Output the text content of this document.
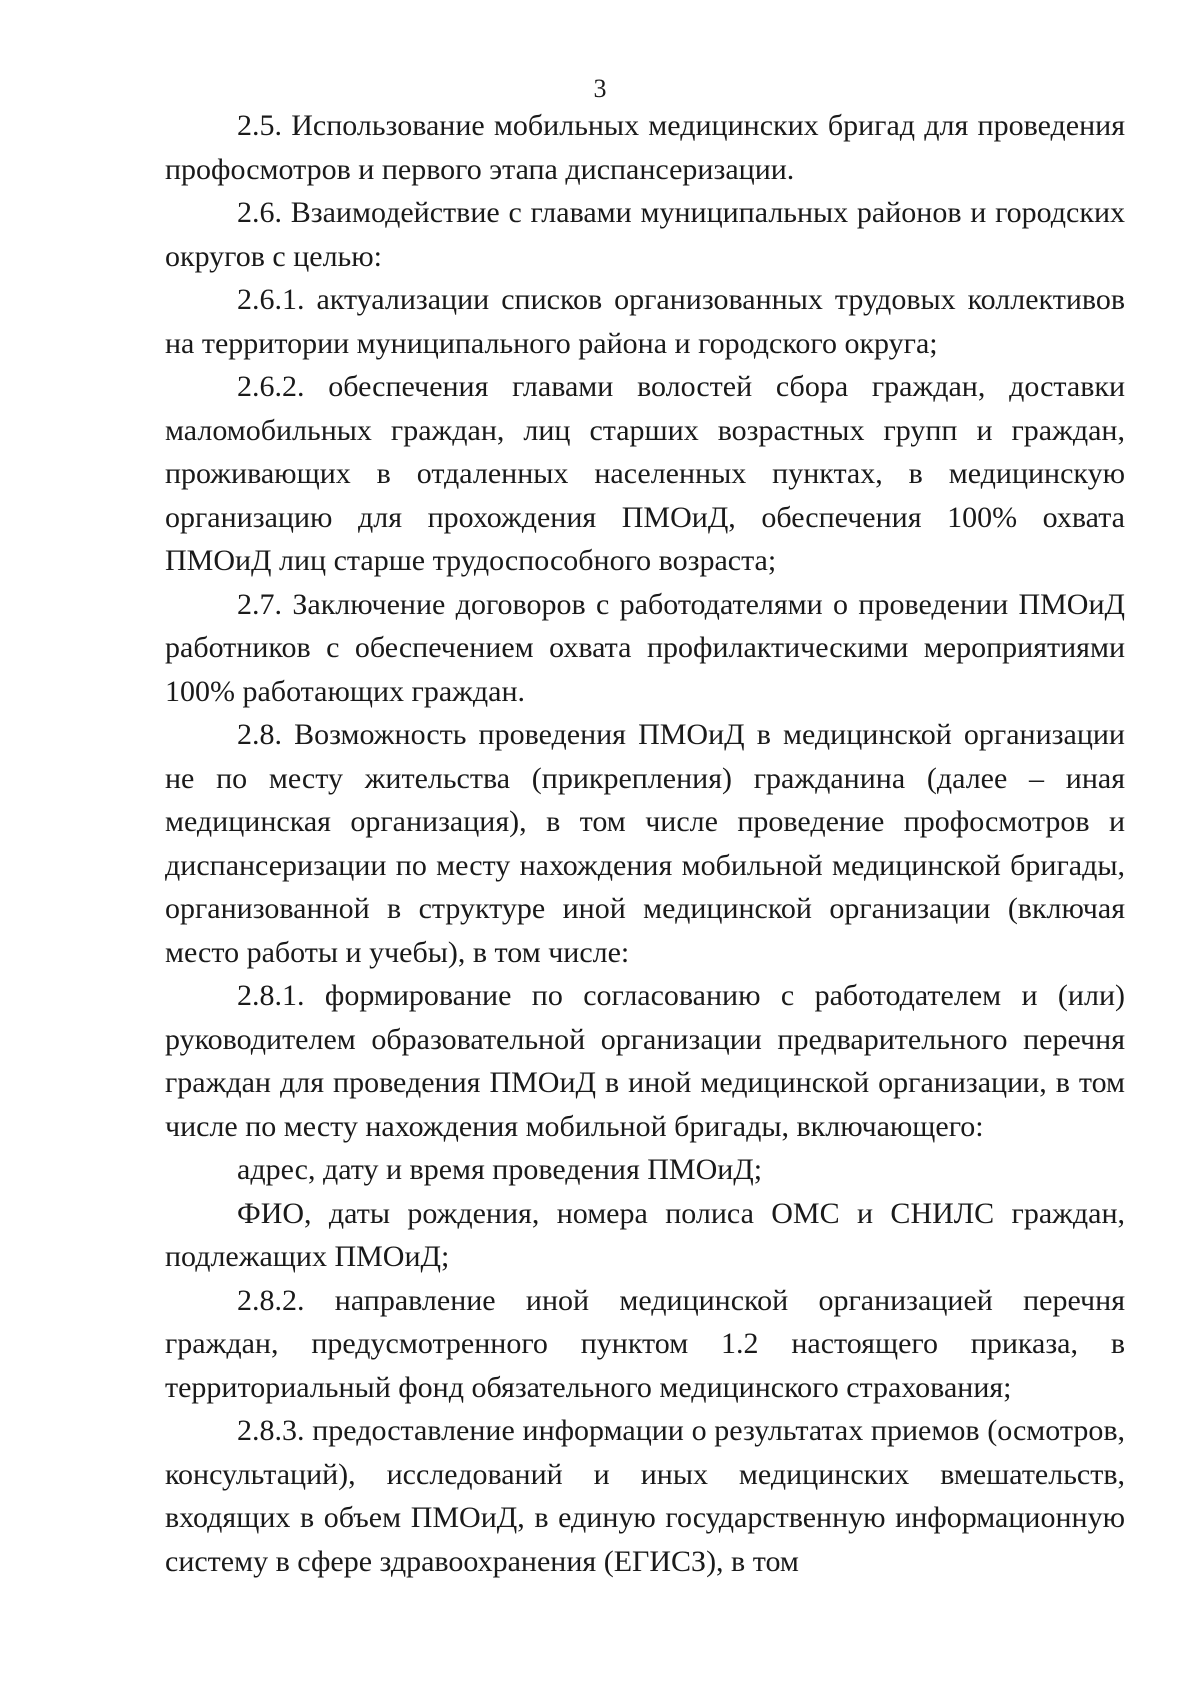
3

2.5. Использование мобильных медицинских бригад для проведения профосмотров и первого этапа диспансеризации.

2.6. Взаимодействие с главами муниципальных районов и городских округов с целью:

2.6.1. актуализации списков организованных трудовых коллективов на территории муниципального района и городского округа;

2.6.2. обеспечения главами волостей сбора граждан, доставки маломобильных граждан, лиц старших возрастных групп и граждан, проживающих в отдаленных населенных пунктах, в медицинскую организацию для прохождения ПМОиД, обеспечения 100% охвата ПМОиД лиц старше трудоспособного возраста;

2.7. Заключение договоров с работодателями о проведении ПМОиД работников с обеспечением охвата профилактическими мероприятиями 100% работающих граждан.

2.8. Возможность проведения ПМОиД в медицинской организации не по месту жительства (прикрепления) гражданина (далее – иная медицинская организация), в том числе проведение профосмотров и диспансеризации по месту нахождения мобильной медицинской бригады, организованной в структуре иной медицинской организации (включая место работы и учебы), в том числе:

2.8.1. формирование по согласованию с работодателем и (или) руководителем образовательной организации предварительного перечня граждан для проведения ПМОиД в иной медицинской организации, в том числе по месту нахождения мобильной бригады, включающего:

адрес, дату и время проведения ПМОиД;

ФИО, даты рождения, номера полиса ОМС и СНИЛС граждан, подлежащих ПМОиД;

2.8.2. направление иной медицинской организацией перечня граждан, предусмотренного пунктом 1.2 настоящего приказа, в территориальный фонд обязательного медицинского страхования;

2.8.3. предоставление информации о результатах приемов (осмотров, консультаций), исследований и иных медицинских вмешательств, входящих в объем ПМОиД, в единую государственную информационную систему в сфере здравоохранения (ЕГИСЗ), в том
